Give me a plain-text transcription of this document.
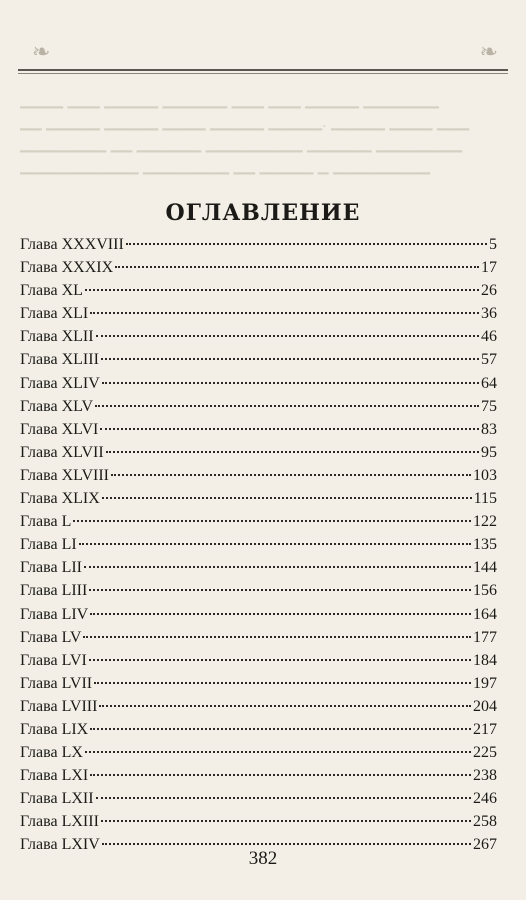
❧	❧
▁▁▁▁ ▁▁▁ ▁▁▁▁▁ ▁▁▁▁▁▁ ▁▁▁ ▁▁▁ ▁▁▁▁▁ ▁▁▁▁▁▁▁
▁▁ ▁▁▁▁▁ ▁▁▁▁▁ ▁▁▁▁ ▁▁▁▁▁ ▁▁▁▁▁. ▁▁▁▁▁ ▁▁▁▁ ▁▁▁
▁▁▁▁▁▁▁▁ ▁▁ ▁▁▁▁▁▁ ▁▁▁▁▁▁▁▁▁ ▁▁▁▁▁▁ ▁▁▁▁▁▁▁▁
▁▁▁▁▁▁▁▁▁▁▁ ▁▁▁▁▁▁▁▁ ▁▁ ▁▁▁▁▁ ▁ ▁▁▁▁▁▁▁▁▁
ОГЛАВЛЕНИЕ
Глава XXXVIII	5
Глава XXXIX	17
Глава XL	26
Глава XLI	36
Глава XLII	46
Глава XLIII	57
Глава XLIV	64
Глава XLV	75
Глава XLVI	83
Глава XLVII	95
Глава XLVIII	103
Глава XLIX	115
Глава L	122
Глава LI	135
Глава LII	144
Глава LIII	156
Глава LIV	164
Глава LV	177
Глава LVI	184
Глава LVII	197
Глава LVIII	204
Глава LIX	217
Глава LX	225
Глава LXI	238
Глава LXII	246
Глава LXIII	258
Глава LXIV	267
382
